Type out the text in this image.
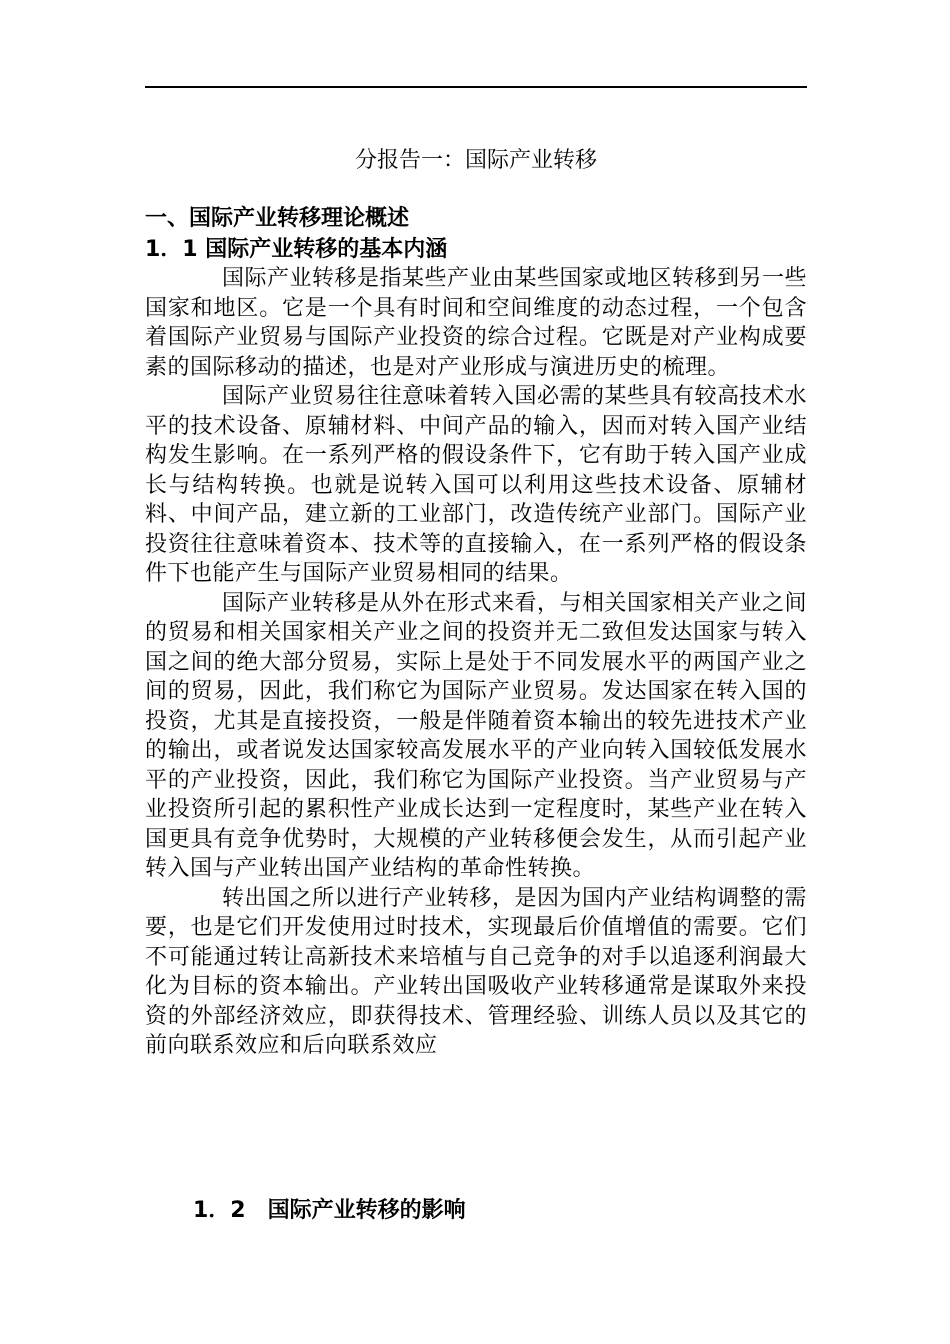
分报告一：国际产业转移
一、国际产业转移理论概述
1．1 国际产业转移的基本内涵

国际产业转移是指某些产业由某些国家或地区转移到另一些国家和地区。它是一个具有时间和空间维度的动态过程，一个包含着国际产业贸易与国际产业投资的综合过程。它既是对产业构成要素的国际移动的描述，也是对产业形成与演进历史的梳理。

国际产业贸易往往意味着转入国必需的某些具有较高技术水平的技术设备、原辅材料、中间产品的输入，因而对转入国产业结构发生影响。在一系列严格的假设条件下，它有助于转入国产业成长与结构转换。也就是说转入国可以利用这些技术设备、原辅材料、中间产品，建立新的工业部门，改造传统产业部门。国际产业投资往往意味着资本、技术等的直接输入，在一系列严格的假设条件下也能产生与国际产业贸易相同的结果。

国际产业转移是从外在形式来看，与相关国家相关产业之间的贸易和相关国家相关产业之间的投资并无二致但发达国家与转入国之间的绝大部分贸易，实际上是处于不同发展水平的两国产业之间的贸易，因此，我们称它为国际产业贸易。发达国家在转入国的投资，尤其是直接投资，一般是伴随着资本输出的较先进技术产业的输出，或者说发达国家较高发展水平的产业向转入国较低发展水平的产业投资，因此，我们称它为国际产业投资。当产业贸易与产业投资所引起的累积性产业成长达到一定程度时，某些产业在转入国更具有竞争优势时，大规模的产业转移便会发生，从而引起产业转入国与产业转出国产业结构的革命性转换。

转出国之所以进行产业转移，是因为国内产业结构调整的需要，也是它们开发使用过时技术，实现最后价值增值的需要。它们不可能通过转让高新技术来培植与自己竞争的对手以追逐利润最大化为目标的资本输出。产业转出国吸收产业转移通常是谋取外来投资的外部经济效应，即获得技术、管理经验、训练人员以及其它的前向联系效应和后向联系效应

1．2　国际产业转移的影响
